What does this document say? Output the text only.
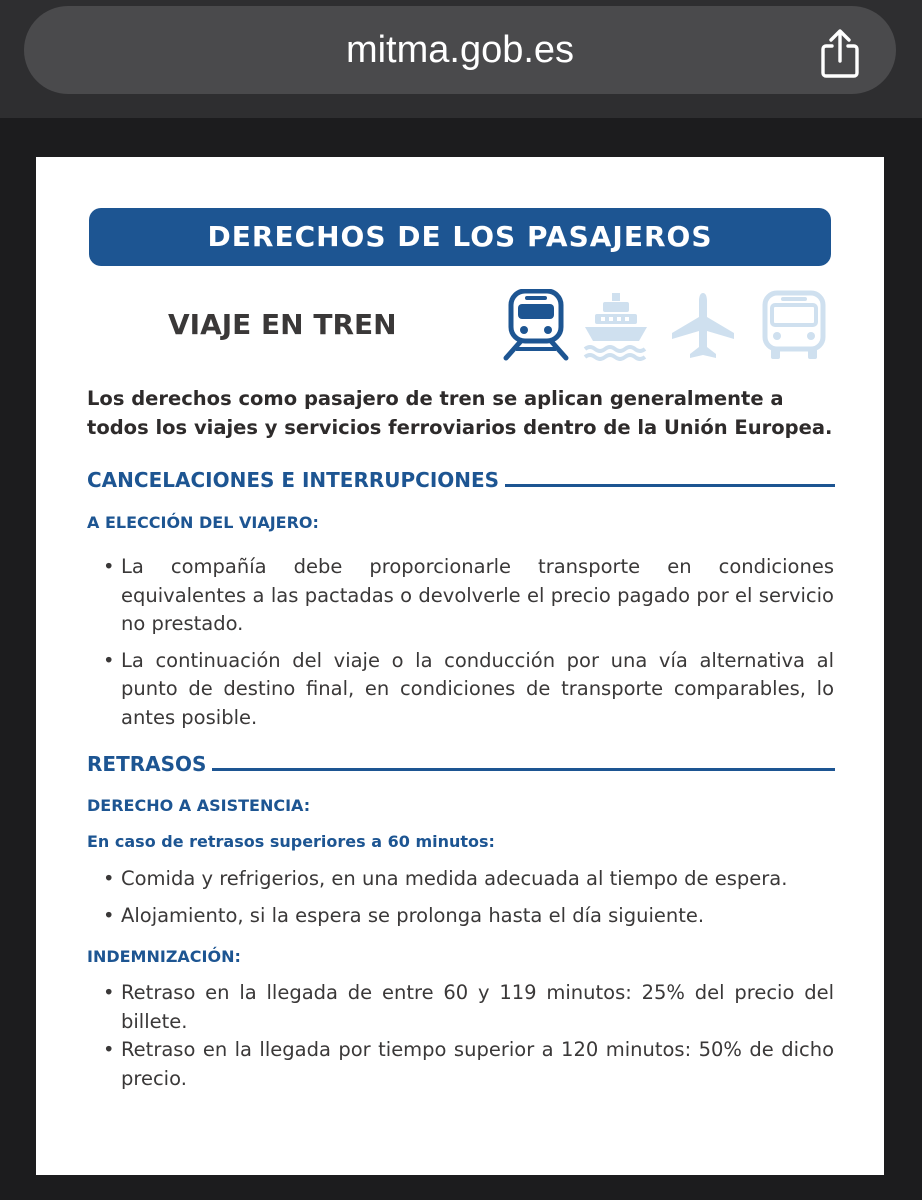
mitma.gob.es
DERECHOS DE LOS PASAJEROS
VIAJE EN TREN
Los derechos como pasajero de tren se aplican generalmente a
todos los viajes y servicios ferroviarios dentro de la Unión Europea.
CANCELACIONES E INTERRUPCIONES
A ELECCIÓN DEL VIAJERO:
• La compañía debe proporcionarle transporte en condiciones equivalentes a las pactadas o devolverle el precio pagado por el servicio no prestado.
• La continuación del viaje o la conducción por una vía alternativa al punto de destino final, en condiciones de transporte comparables, lo antes posible.
RETRASOS
DERECHO A ASISTENCIA:
En caso de retrasos superiores a 60 minutos:
• Comida y refrigerios, en una medida adecuada al tiempo de espera.
• Alojamiento, si la espera se prolonga hasta el día siguiente.
INDEMNIZACIÓN:
• Retraso en la llegada de entre 60 y 119 minutos: 25% del precio del billete.
• Retraso en la llegada por tiempo superior a 120 minutos: 50% de dicho precio.
